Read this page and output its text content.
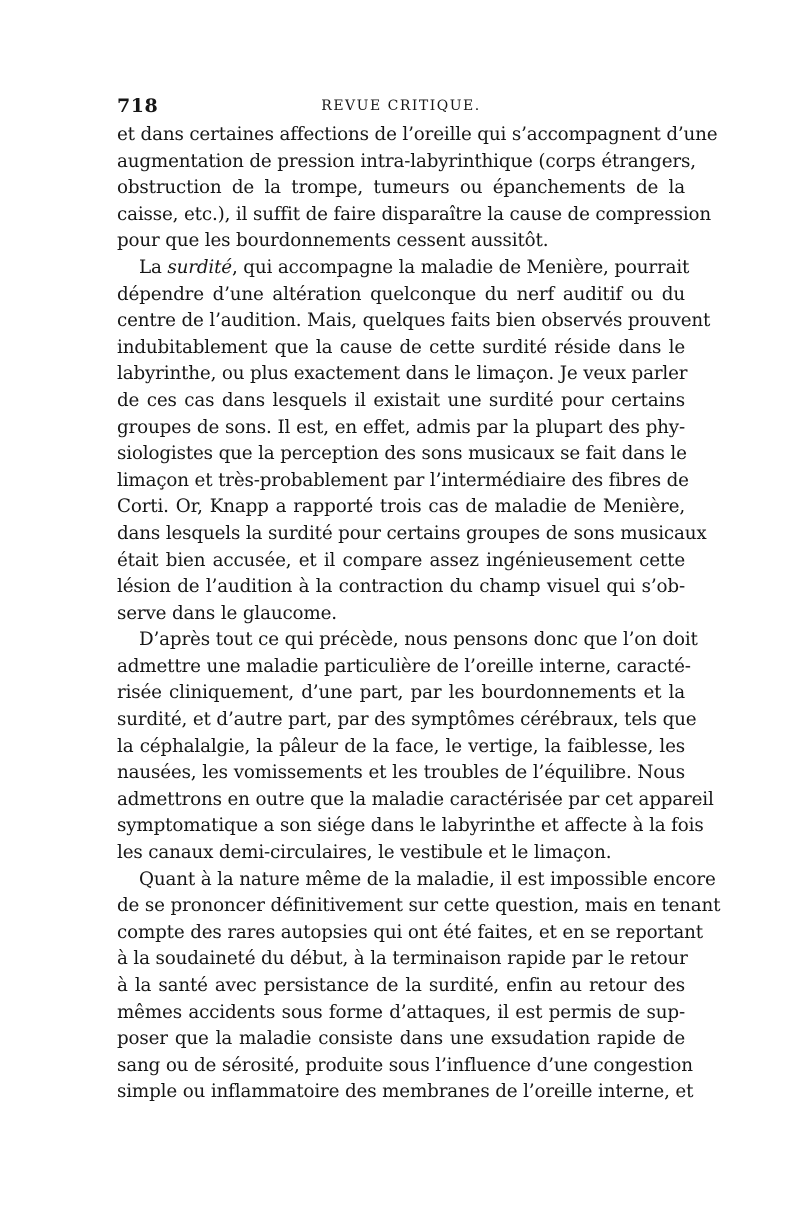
718	REVUE CRITIQUE.

et dans certaines affections de l’oreille qui s’accompagnent d’une
augmentation de pression intra-labyrinthique (corps étrangers,
obstruction de la trompe, tumeurs ou épanchements de la
caisse, etc.), il suffit de faire disparaître la cause de compression
pour que les bourdonnements cessent aussitôt.

La surdité, qui accompagne la maladie de Menière, pourrait
dépendre d’une altération quelconque du nerf auditif ou du
centre de l’audition. Mais, quelques faits bien observés prouvent
indubitablement que la cause de cette surdité réside dans le
labyrinthe, ou plus exactement dans le limaçon. Je veux parler
de ces cas dans lesquels il existait une surdité pour certains
groupes de sons. Il est, en effet, admis par la plupart des phy-
siologistes que la perception des sons musicaux se fait dans le
limaçon et très-probablement par l’intermédiaire des fibres de
Corti. Or, Knapp a rapporté trois cas de maladie de Menière,
dans lesquels la surdité pour certains groupes de sons musicaux
était bien accusée, et il compare assez ingénieusement cette
lésion de l’audition à la contraction du champ visuel qui s’ob-
serve dans le glaucome.

D’après tout ce qui précède, nous pensons donc que l’on doit
admettre une maladie particulière de l’oreille interne, caracté-
risée cliniquement, d’une part, par les bourdonnements et la
surdité, et d’autre part, par des symptômes cérébraux, tels que
la céphalalgie, la pâleur de la face, le vertige, la faiblesse, les
nausées, les vomissements et les troubles de l’équilibre. Nous
admettrons en outre que la maladie caractérisée par cet appareil
symptomatique a son siége dans le labyrinthe et affecte à la fois
les canaux demi-circulaires, le vestibule et le limaçon.

Quant à la nature même de la maladie, il est impossible encore
de se prononcer définitivement sur cette question, mais en tenant
compte des rares autopsies qui ont été faites, et en se reportant
à la soudaineté du début, à la terminaison rapide par le retour
à la santé avec persistance de la surdité, enfin au retour des
mêmes accidents sous forme d’attaques, il est permis de sup-
poser que la maladie consiste dans une exsudation rapide de
sang ou de sérosité, produite sous l’influence d’une congestion
simple ou inflammatoire des membranes de l’oreille interne, et
